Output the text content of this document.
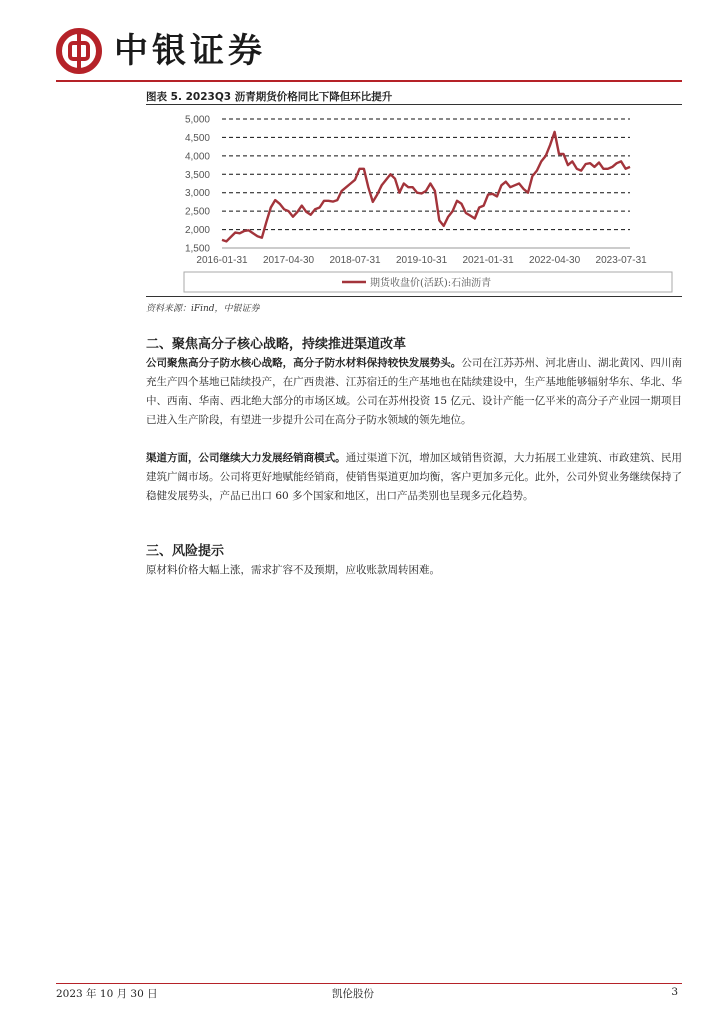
中银证券
图表 5. 2023Q3 沥青期货价格同比下降但环比提升
1,500
2,000
2,500
3,000
3,500
4,000
4,500
5,000
2016-01-31 2017-04-30 2018-07-31 2019-10-31 2021-01-31 2022-04-30 2023-07-31
期货收盘价(活跃):石油沥青
资料来源：iFind，中银证券
二、聚焦高分子核心战略，持续推进渠道改革
公司聚焦高分子防水核心战略，高分子防水材料保持较快发展势头。公司在江苏苏州、河北唐山、湖北黄冈、四川南充生产四个基地已陆续投产，在广西贵港、江苏宿迁的生产基地也在陆续建设中，生产基地能够辐射华东、华北、华中、西南、华南、西北绝大部分的市场区域。公司在苏州投资 15 亿元、设计产能一亿平米的高分子产业园一期项目已进入生产阶段，有望进一步提升公司在高分子防水领域的领先地位。
渠道方面，公司继续大力发展经销商模式。通过渠道下沉，增加区域销售资源，大力拓展工业建筑、市政建筑、民用建筑广阔市场。公司将更好地赋能经销商，使销售渠道更加均衡，客户更加多元化。此外，公司外贸业务继续保持了稳健发展势头，产品已出口 60 多个国家和地区，出口产品类别也呈现多元化趋势。
三、风险提示
原材料价格大幅上涨，需求扩容不及预期，应收账款周转困难。
2023 年 10 月 30 日	凯伦股份	3
